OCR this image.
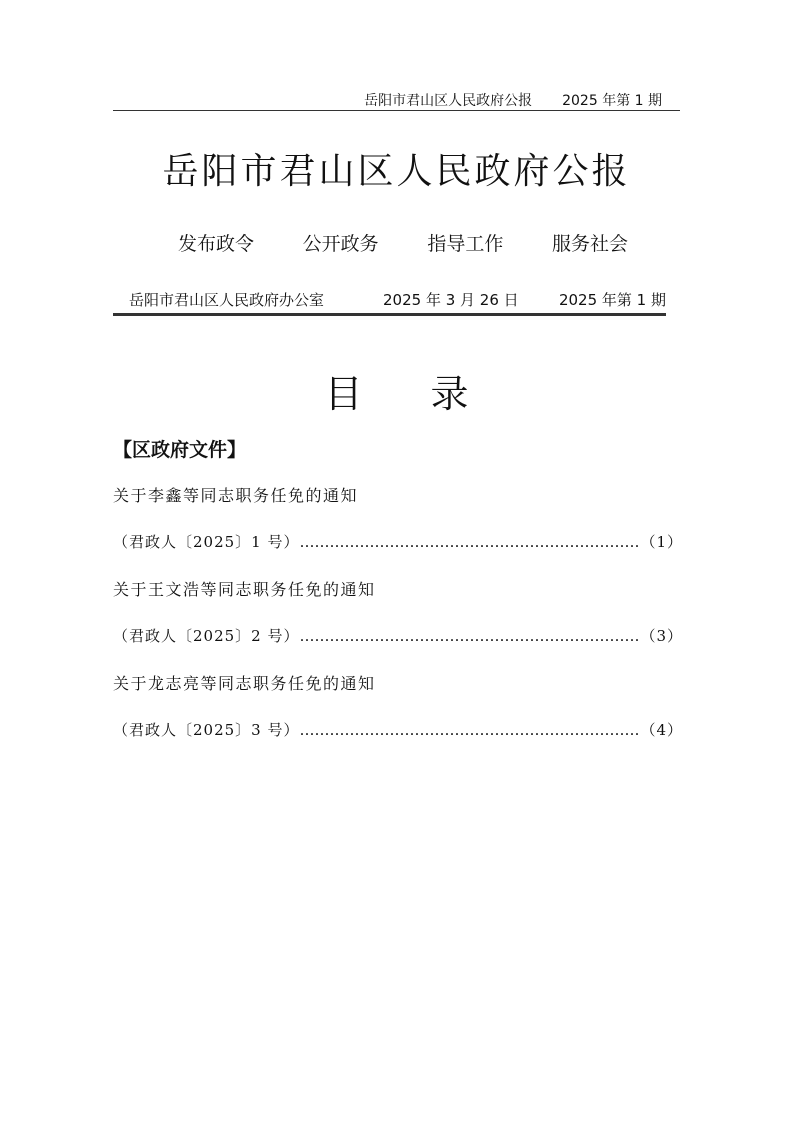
岳阳市君山区人民政府公报 2025 年第 1 期
岳阳市君山区人民政府公报
发布政令	公开政务	指导工作	服务社会
岳阳市君山区人民政府办公室	2025 年 3 月 26 日	2025 年第 1 期
目 录
【区政府文件】
关于李鑫等同志职务任免的通知
（君政人〔2025〕1 号） ……………………………………………………………………………………………………………………………………………………………………	（1）
关于王文浩等同志职务任免的通知
（君政人〔2025〕2 号） ……………………………………………………………………………………………………………………………………………………………………	（3）
关于龙志亮等同志职务任免的通知
（君政人〔2025〕3 号） ……………………………………………………………………………………………………………………………………………………………………	（4）
